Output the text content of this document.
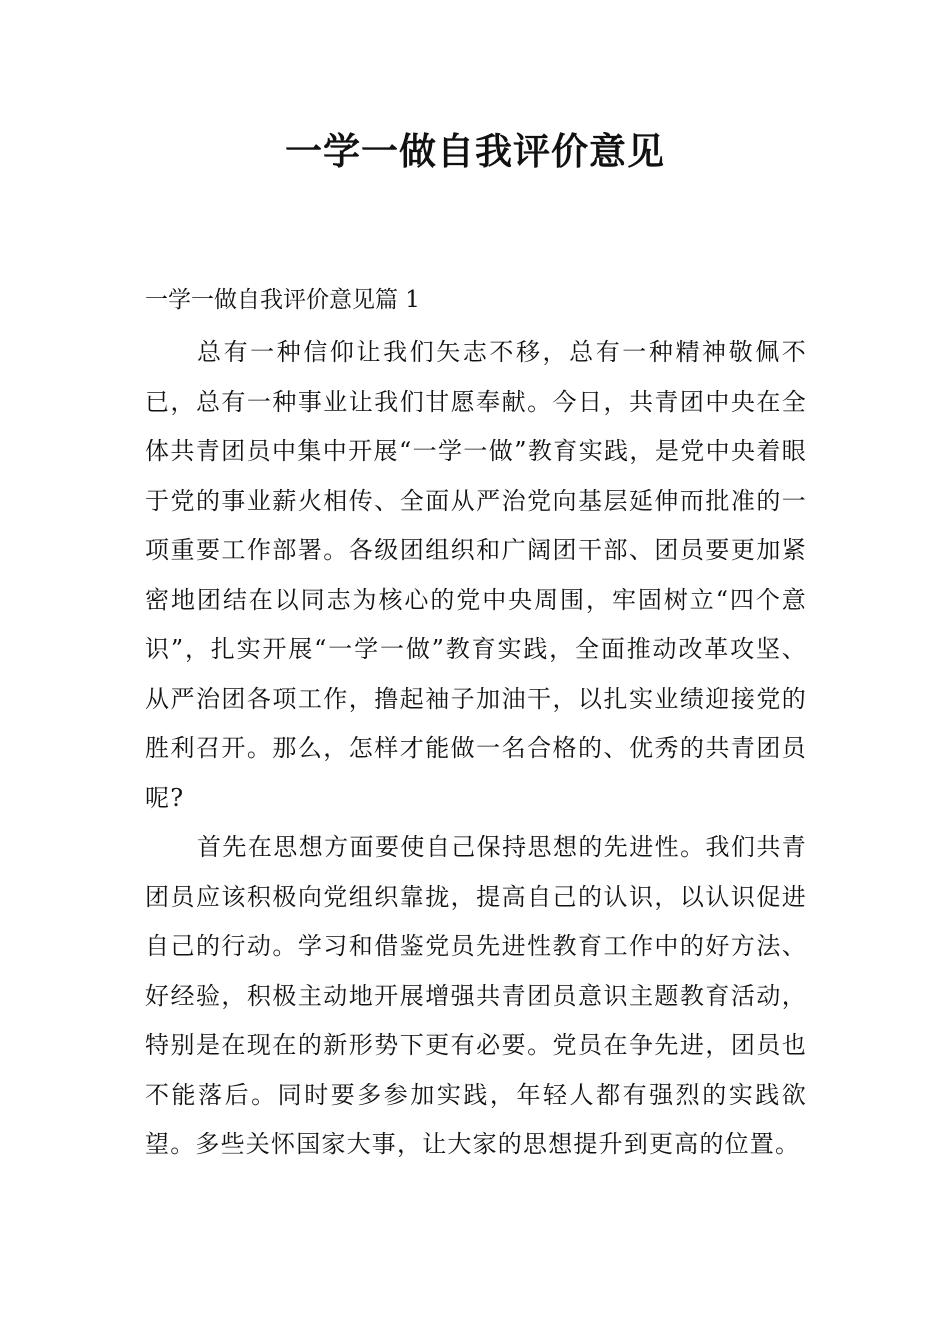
一学一做自我评价意见
一学一做自我评价意见篇 1

总有一种信仰让我们矢志不移，总有一种精神敬佩不已，总有一种事业让我们甘愿奉献。今日，共青团中央在全体共青团员中集中开展“一学一做”教育实践，是党中央着眼于党的事业薪火相传、全面从严治党向基层延伸而批准的一项重要工作部署。各级团组织和广阔团干部、团员要更加紧密地团结在以同志为核心的党中央周围，牢固树立“四个意识”，扎实开展“一学一做”教育实践，全面推动改革攻坚、从严治团各项工作，撸起袖子加油干，以扎实业绩迎接党的胜利召开。那么，怎样才能做一名合格的、优秀的共青团员呢?

首先在思想方面要使自己保持思想的先进性。我们共青团员应该积极向党组织靠拢，提高自己的认识，以认识促进自己的行动。学习和借鉴党员先进性教育工作中的好方法、好经验，积极主动地开展增强共青团员意识主题教育活动，特别是在现在的新形势下更有必要。党员在争先进，团员也不能落后。同时要多参加实践，年轻人都有强烈的实践欲望。多些关怀国家大事，让大家的思想提升到更高的位置。
